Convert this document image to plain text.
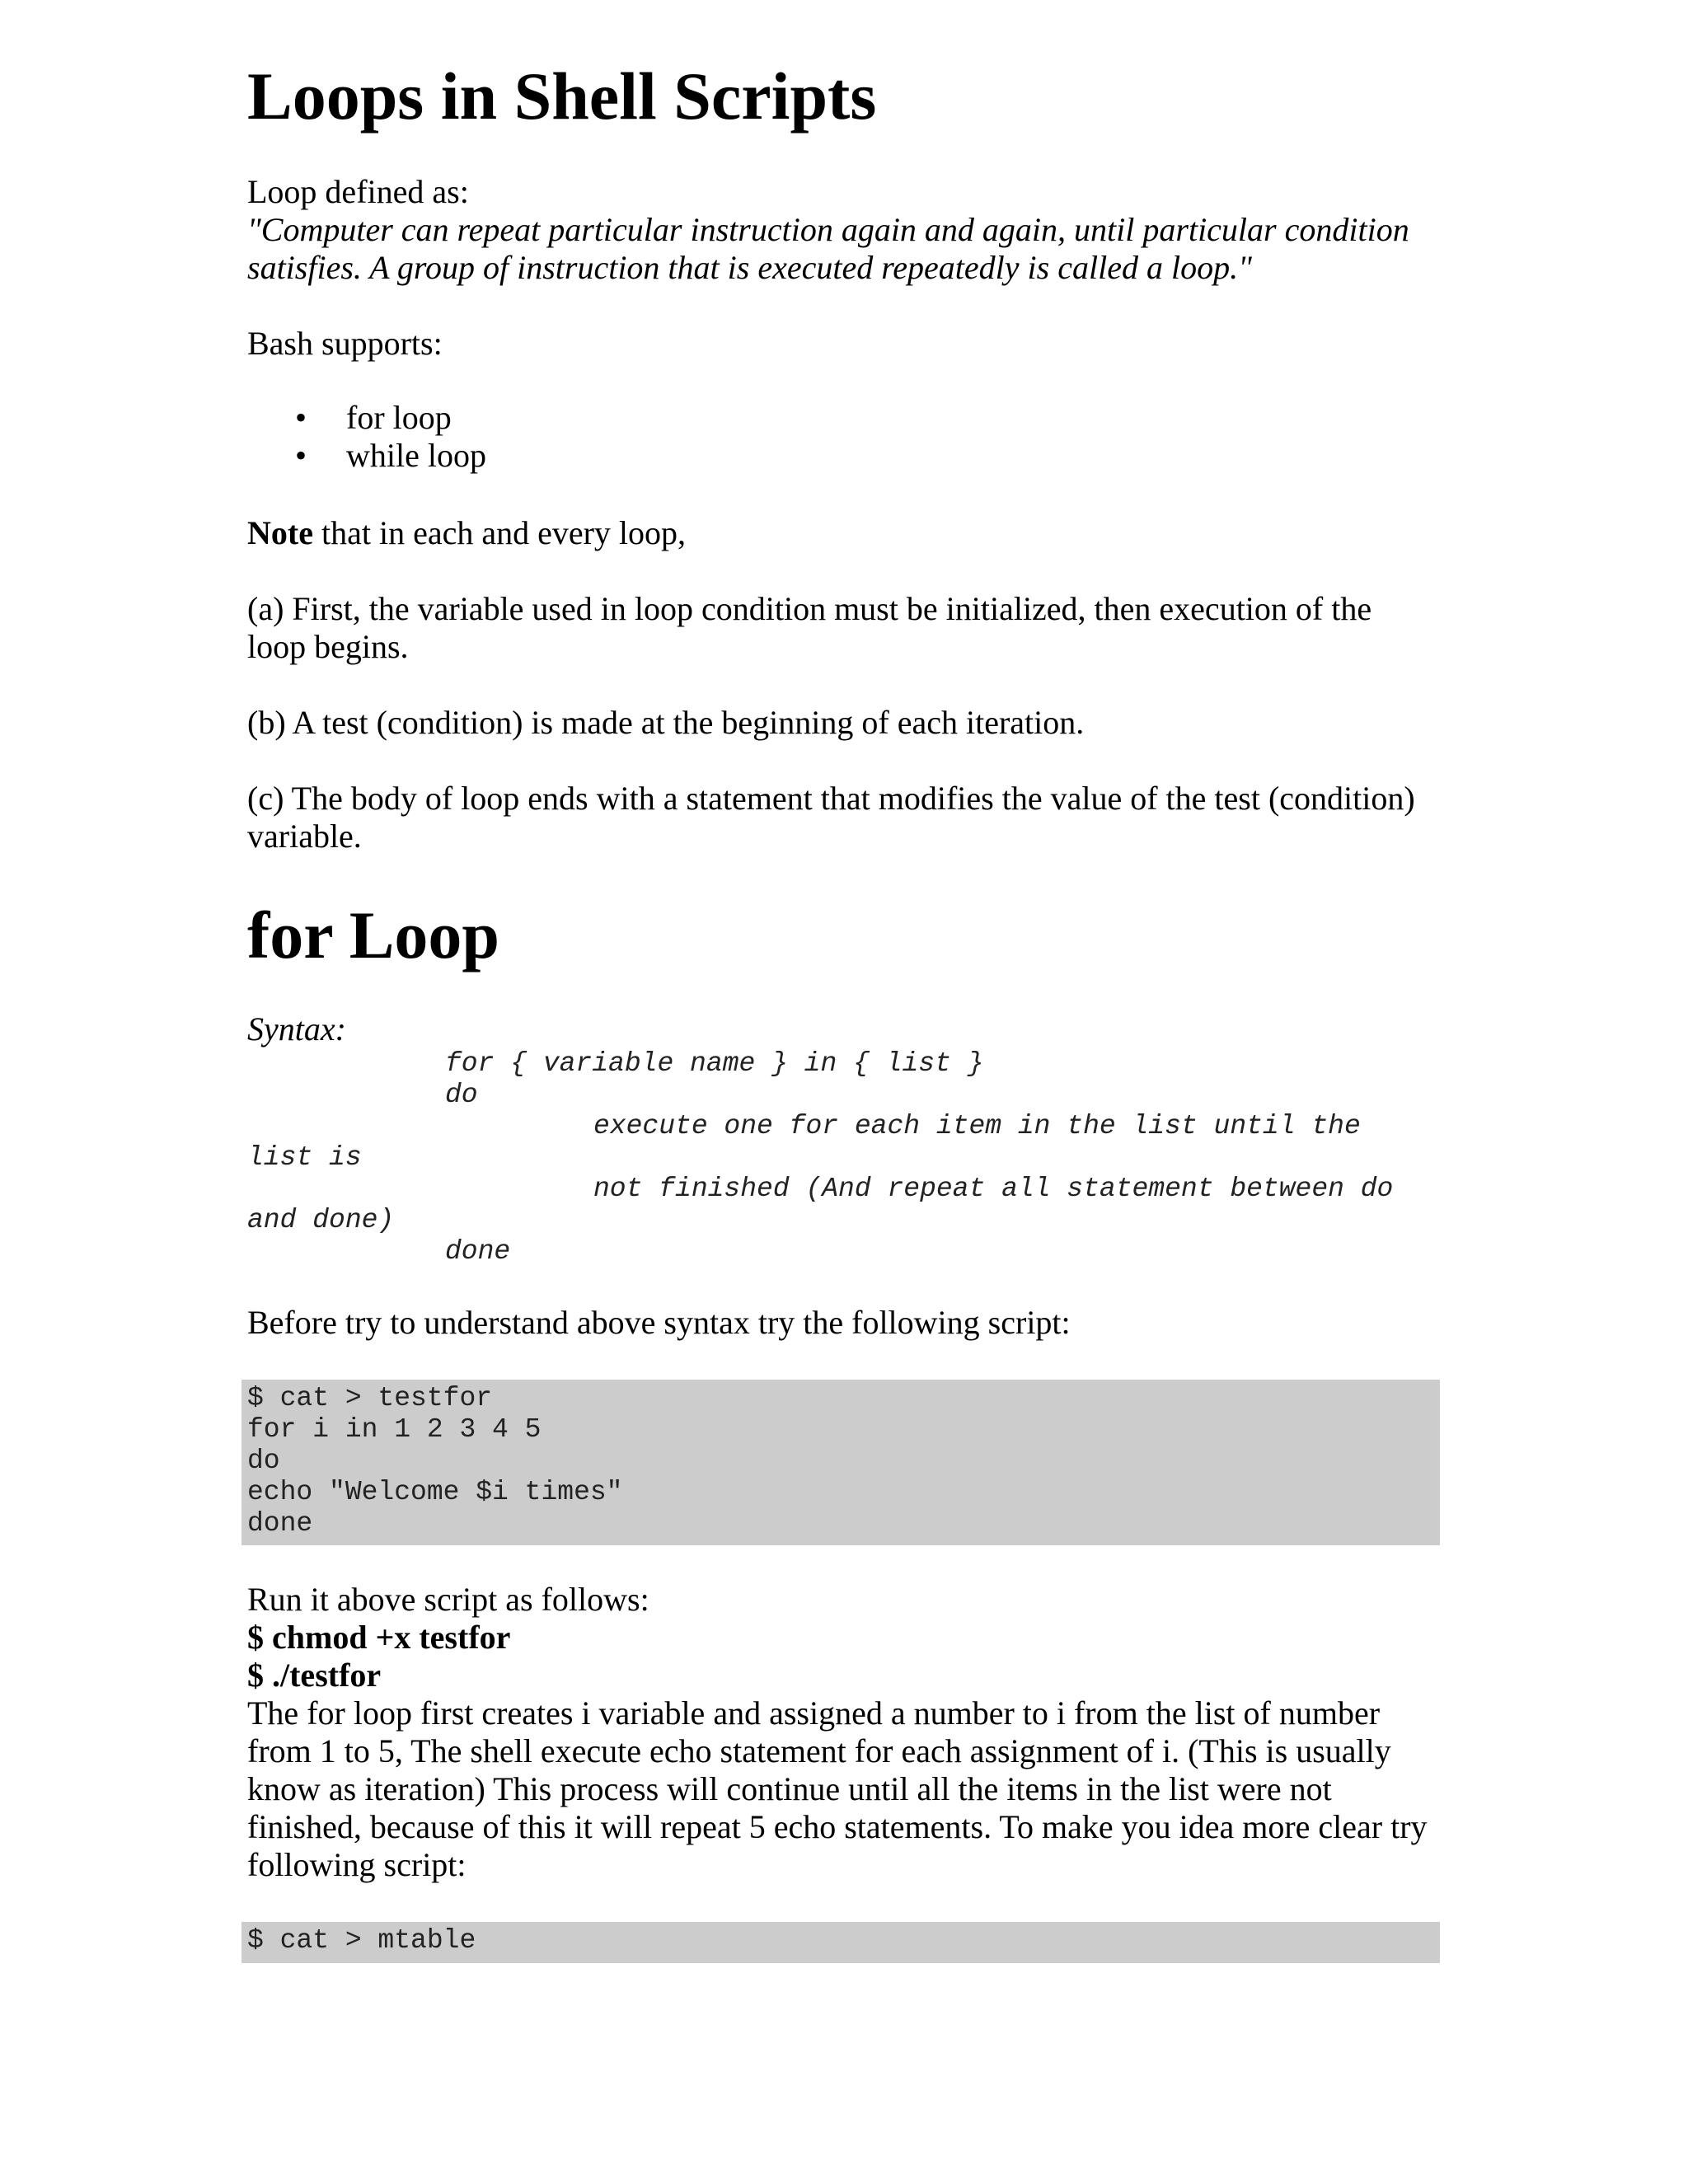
Loops in Shell Scripts
Loop defined as:
"Computer can repeat particular instruction again and again, until particular condition
satisfies. A group of instruction that is executed repeatedly is called a loop."
Bash supports:
• for loop
• while loop
Note that in each and every loop,
(a) First, the variable used in loop condition must be initialized, then execution of the
loop begins.
(b) A test (condition) is made at the beginning of each iteration.
(c) The body of loop ends with a statement that modifies the value of the test (condition)
variable.
for Loop
Syntax:
for { variable name } in { list }
do
execute one for each item in the list until the
list is
not finished (And repeat all statement between do
and done)
done
Before try to understand above syntax try the following script:
$ cat > testfor
for i in 1 2 3 4 5
do
echo "Welcome $i times"
done
Run it above script as follows:
$ chmod +x testfor
$ ./testfor
The for loop first creates i variable and assigned a number to i from the list of number
from 1 to 5, The shell execute echo statement for each assignment of i. (This is usually
know as iteration) This process will continue until all the items in the list were not
finished, because of this it will repeat 5 echo statements. To make you idea more clear try
following script:
$ cat > mtable
